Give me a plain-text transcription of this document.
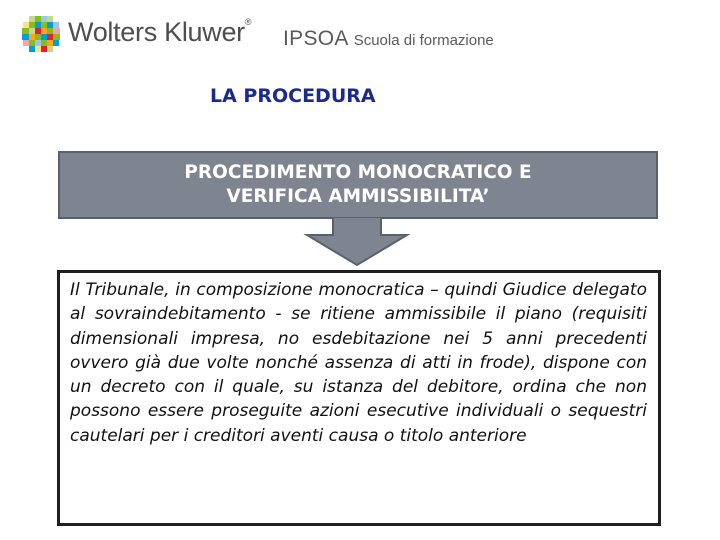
Wolters Kluwer®
IPSOA Scuola di formazione
LA PROCEDURA
PROCEDIMENTO MONOCRATICO E
VERIFICA AMMISSIBILITA’

Il Tribunale, in composizione monocratica – quindi Giudice delegato al sovraindebitamento - se ritiene ammissibile il piano (requisiti dimensionali impresa, no esdebitazione nei 5 anni precedenti ovvero già due volte nonché assenza di atti in frode), dispone con un decreto con il quale, su istanza del debitore, ordina che non possono essere proseguite azioni esecutive individuali o sequestri cautelari per i creditori aventi causa o titolo anteriore
